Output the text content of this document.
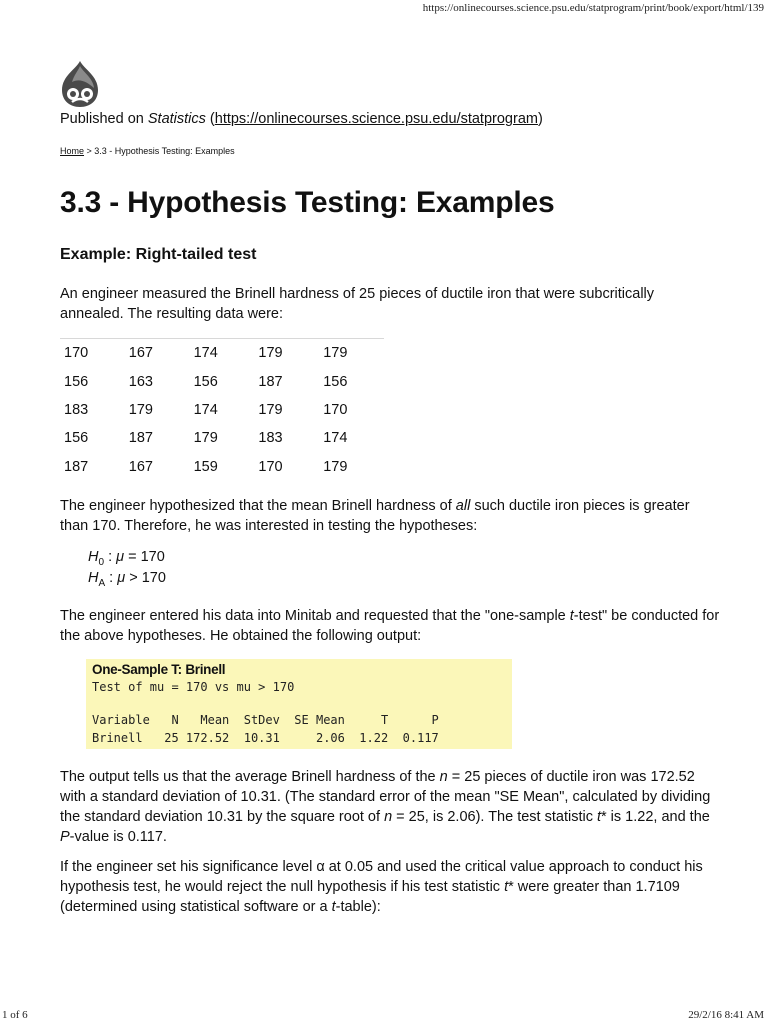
https://onlinecourses.science.psu.edu/statprogram/print/book/export/html/139
Published on Statistics (https://onlinecourses.science.psu.edu/statprogram)
Home > 3.3 - Hypothesis Testing: Examples
3.3 - Hypothesis Testing: Examples
Example: Right-tailed test

An engineer measured the Brinell hardness of 25 pieces of ductile iron that were subcritically annealed. The resulting data were:

170	167	174	179	179
156	163	156	187	156
183	179	174	179	170
156	187	179	183	174
187	167	159	170	179

The engineer hypothesized that the mean Brinell hardness of all such ductile iron pieces is greater than 170. Therefore, he was interested in testing the hypotheses:

$H_0$ : μ = 170
$H_A$ : μ > 170

The engineer entered his data into Minitab and requested that the "one-sample t-test" be conducted for the above hypotheses. He obtained the following output:

One-Sample T: Brinell
Test of mu = 170 vs mu > 170
Variable   N   Mean  StDev  SE Mean     T      P
Brinell   25 172.52  10.31     2.06  1.22  0.117

The output tells us that the average Brinell hardness of the n = 25 pieces of ductile iron was 172.52 with a standard deviation of 10.31. (The standard error of the mean "SE Mean", calculated by dividing the standard deviation 10.31 by the square root of n = 25, is 2.06). The test statistic t* is 1.22, and the P-value is 0.117.

If the engineer set his significance level α at 0.05 and used the critical value approach to conduct his hypothesis test, he would reject the null hypothesis if his test statistic t* were greater than 1.7109 (determined using statistical software or a t-table):

1 of 6	29/2/16 8:41 AM
